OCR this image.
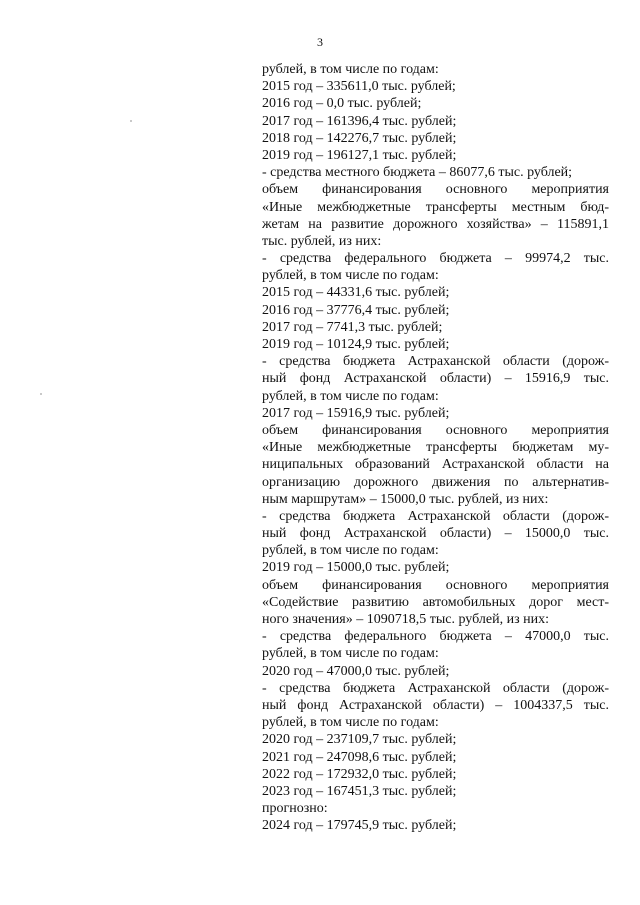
3
рублей, в том числе по годам:
2015 год – 335611,0 тыс. рублей;
2016 год – 0,0 тыс. рублей;
2017 год – 161396,4 тыс. рублей;
2018 год – 142276,7 тыс. рублей;
2019 год – 196127,1 тыс. рублей;
- средства местного бюджета – 86077,6 тыс. рублей;
объем финансирования основного мероприятия
«Иные межбюджетные трансферты местным бюд-
жетам на развитие дорожного хозяйства» – 115891,1
тыс. рублей, из них:
- средства федерального бюджета – 99974,2 тыс.
рублей, в том числе по годам:
2015 год – 44331,6 тыс. рублей;
2016 год – 37776,4 тыс. рублей;
2017 год – 7741,3 тыс. рублей;
2019 год – 10124,9 тыс. рублей;
- средства бюджета Астраханской области (дорож-
ный фонд Астраханской области) – 15916,9 тыс.
рублей, в том числе по годам:
2017 год – 15916,9 тыс. рублей;
объем финансирования основного мероприятия
«Иные межбюджетные трансферты бюджетам му-
ниципальных образований Астраханской области на
организацию дорожного движения по альтернатив-
ным маршрутам» – 15000,0 тыс. рублей, из них:
- средства бюджета Астраханской области (дорож-
ный фонд Астраханской области) – 15000,0 тыс.
рублей, в том числе по годам:
2019 год – 15000,0 тыс. рублей;
объем финансирования основного мероприятия
«Содействие развитию автомобильных дорог мест-
ного значения» – 1090718,5 тыс. рублей, из них:
- средства федерального бюджета – 47000,0 тыс.
рублей, в том числе по годам:
2020 год – 47000,0 тыс. рублей;
- средства бюджета Астраханской области (дорож-
ный фонд Астраханской области) – 1004337,5 тыс.
рублей, в том числе по годам:
2020 год – 237109,7 тыс. рублей;
2021 год – 247098,6 тыс. рублей;
2022 год – 172932,0 тыс. рублей;
2023 год – 167451,3 тыс. рублей;
прогнозно:
2024 год – 179745,9 тыс. рублей;
